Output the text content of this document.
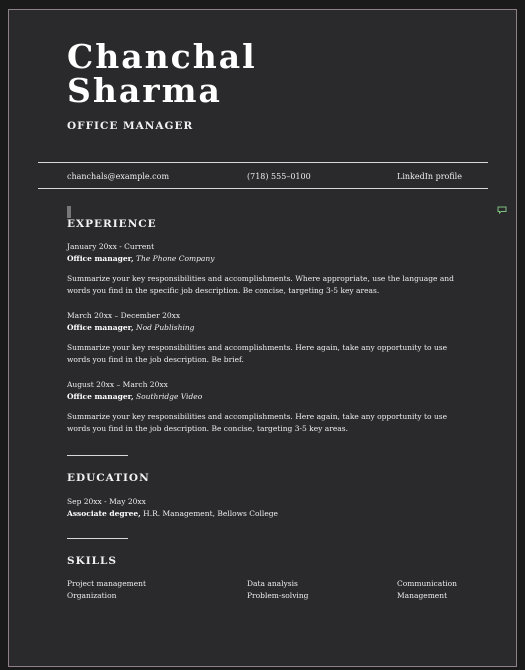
Chanchal
Sharma
OFFICE MANAGER
chanchals@example.com	(718) 555–0100	LinkedIn profile
EXPERIENCE
January 20xx - Current
Office manager, The Phone Company
Summarize your key responsibilities and accomplishments. Where appropriate, use the language and words you find in the specific job description. Be concise, targeting 3-5 key areas.
March 20xx – December 20xx
Office manager, Nod Publishing
Summarize your key responsibilities and accomplishments. Here again, take any opportunity to use words you find in the job description. Be brief.
August 20xx – March 20xx
Office manager, Southridge Video
Summarize your key responsibilities and accomplishments. Here again, take any opportunity to use words you find in the job description. Be concise, targeting 3-5 key areas.
EDUCATION
Sep 20xx - May 20xx
Associate degree, H.R. Management, Bellows College
SKILLS
Project management	Data analysis	Communication
Organization	Problem-solving	Management
